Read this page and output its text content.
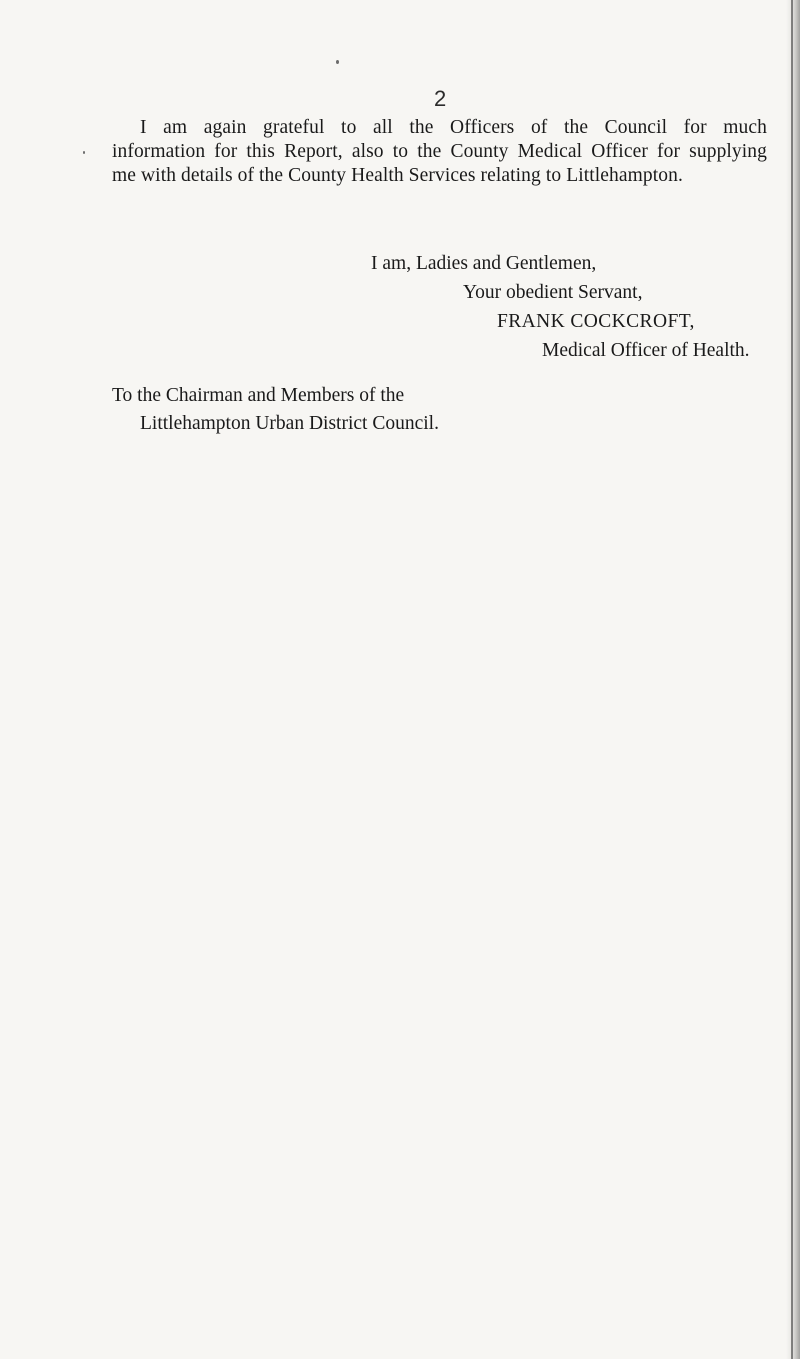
2
I am again grateful to all the Officers of the Council for much
information for this Report, also to the County Medical Officer for supplying
me with details of the County Health Services relating to Littlehampton.
I am, Ladies and Gentlemen,
Your obedient Servant,
FRANK COCKCROFT,
Medical Officer of Health.
To the Chairman and Members of the
Littlehampton Urban District Council.
